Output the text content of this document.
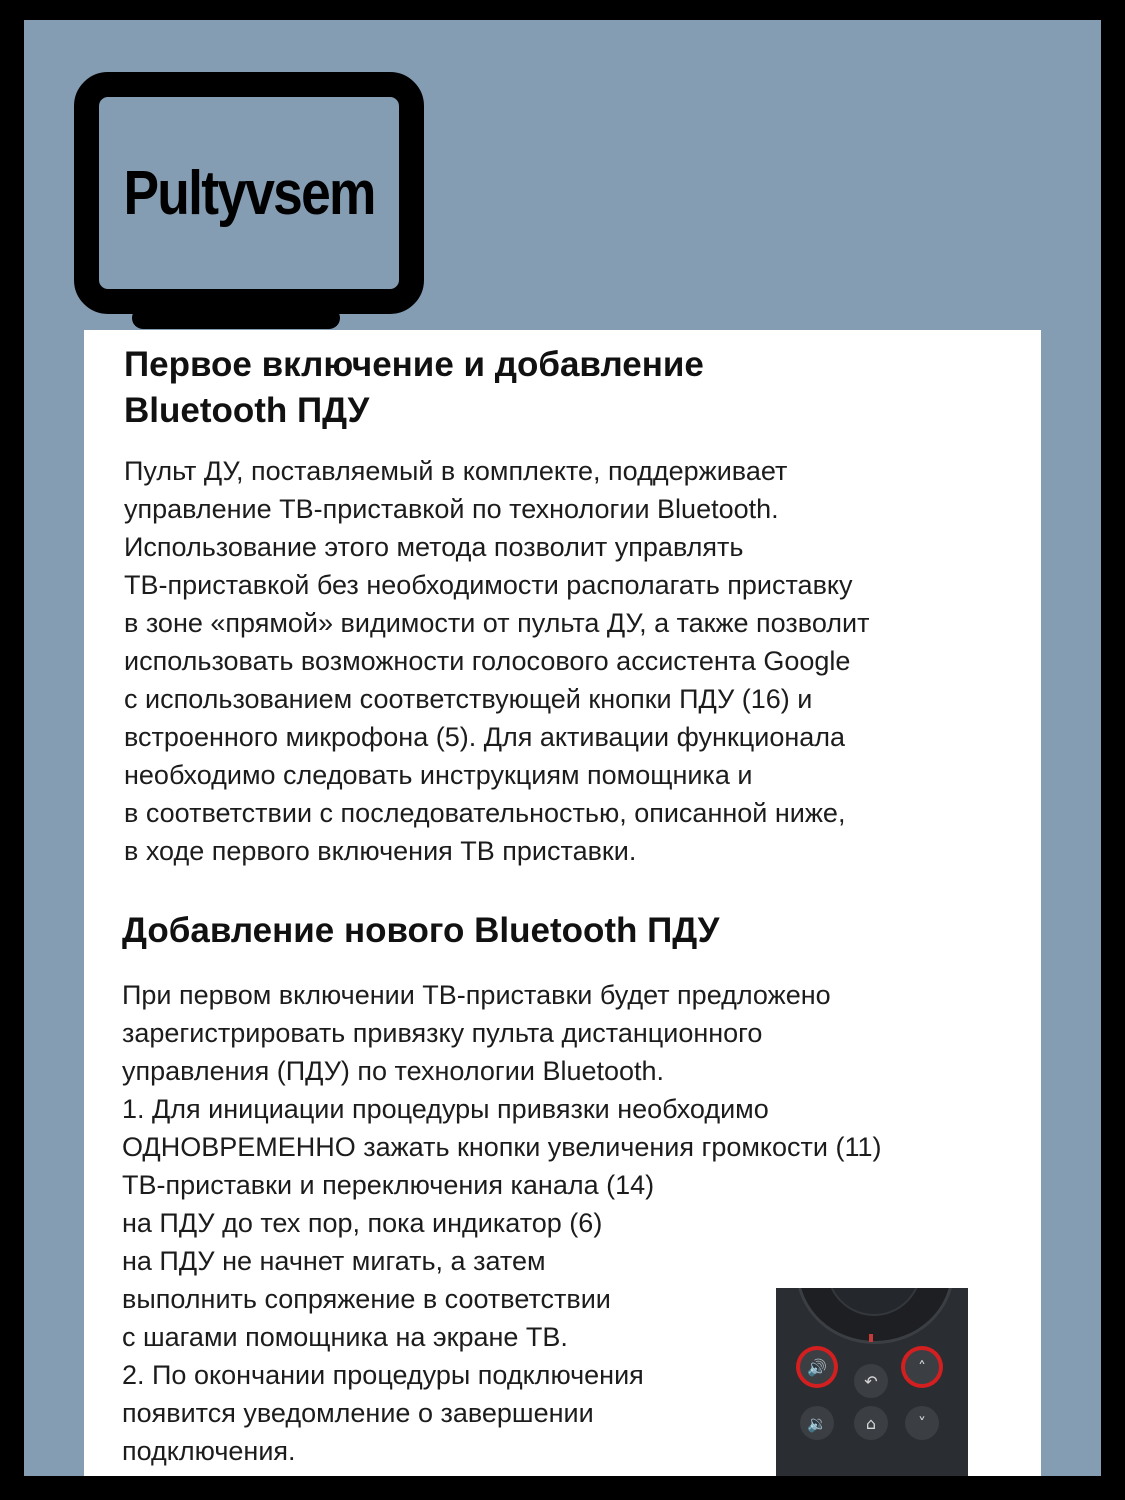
Pultyvsem
Первое включение и добавление
Bluetooth ПДУ

Пульт ДУ, поставляемый в комплекте, поддерживает
управление ТВ-приставкой по технологии Bluetooth.
Использование этого метода позволит управлять
ТВ-приставкой без необходимости располагать приставку
в зоне «прямой» видимости от пульта ДУ, а также позволит
использовать возможности голосового ассистента Google
с использованием соответствующей кнопки ПДУ (16) и
встроенного микрофона (5). Для активации функционала
необходимо следовать инструкциям помощника и
в соответствии с последовательностью, описанной ниже,
в ходе первого включения ТВ приставки.

Добавление нового Bluetooth ПДУ

При первом включении ТВ-приставки будет предложено
зарегистрировать привязку пульта дистанционного
управления (ПДУ) по технологии Bluetooth.
1. Для инициации процедуры привязки необходимо
ОДНОВРЕМЕННО зажать кнопки увеличения громкости (11)
ТВ-приставки и переключения канала (14)
на ПДУ до тех пор, пока индикатор (6)
на ПДУ не начнет мигать, а затем
выполнить сопряжение в соответствии
с шагами помощника на экране ТВ.
2. По окончании процедуры подключения
появится уведомление о завершении
подключения.

🔊
↶
˄
🔉	⌂	˅
